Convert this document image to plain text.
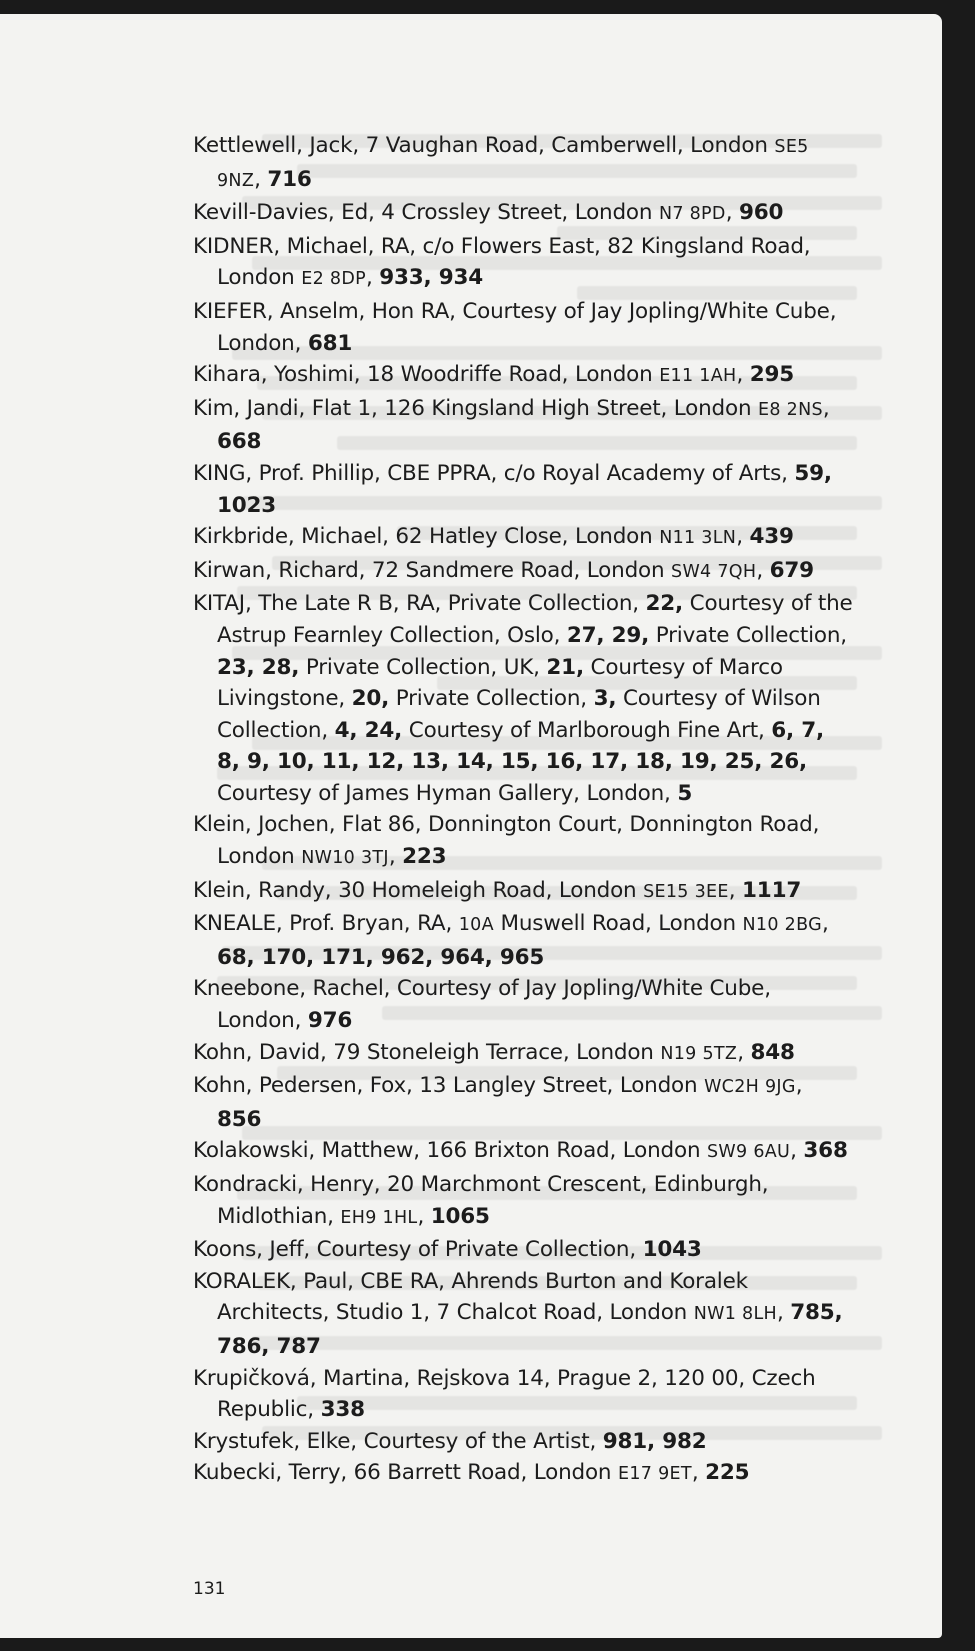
Kettlewell, Jack, 7 Vaughan Road, Camberwell, London SE5 9NZ, 716
Kevill-Davies, Ed, 4 Crossley Street, London N7 8PD, 960
KIDNER, Michael, RA, c/o Flowers East, 82 Kingsland Road, London E2 8DP, 933, 934
KIEFER, Anselm, Hon RA, Courtesy of Jay Jopling/White Cube, London, 681
Kihara, Yoshimi, 18 Woodriffe Road, London E11 1AH, 295
Kim, Jandi, Flat 1, 126 Kingsland High Street, London E8 2NS, 668
KING, Prof. Phillip, CBE PPRA, c/o Royal Academy of Arts, 59, 1023
Kirkbride, Michael, 62 Hatley Close, London N11 3LN, 439
Kirwan, Richard, 72 Sandmere Road, London SW4 7QH, 679
KITAJ, The Late R B, RA, Private Collection, 22, Courtesy of the Astrup Fearnley Collection, Oslo, 27, 29, Private Collection, 23, 28, Private Collection, UK, 21, Courtesy of Marco Livingstone, 20, Private Collection, 3, Courtesy of Wilson Collection, 4, 24, Courtesy of Marlborough Fine Art, 6, 7, 8, 9, 10, 11, 12, 13, 14, 15, 16, 17, 18, 19, 25, 26, Courtesy of James Hyman Gallery, London, 5
Klein, Jochen, Flat 86, Donnington Court, Donnington Road, London NW10 3TJ, 223
Klein, Randy, 30 Homeleigh Road, London SE15 3EE, 1117
KNEALE, Prof. Bryan, RA, 10A Muswell Road, London N10 2BG, 68, 170, 171, 962, 964, 965
Kneebone, Rachel, Courtesy of Jay Jopling/White Cube, London, 976
Kohn, David, 79 Stoneleigh Terrace, London N19 5TZ, 848
Kohn, Pedersen, Fox, 13 Langley Street, London WC2H 9JG, 856
Kolakowski, Matthew, 166 Brixton Road, London SW9 6AU, 368
Kondracki, Henry, 20 Marchmont Crescent, Edinburgh, Midlothian, EH9 1HL, 1065
Koons, Jeff, Courtesy of Private Collection, 1043
KORALEK, Paul, CBE RA, Ahrends Burton and Koralek Architects, Studio 1, 7 Chalcot Road, London NW1 8LH, 785, 786, 787
Krupičková, Martina, Rejskova 14, Prague 2, 120 00, Czech Republic, 338
Krystufek, Elke, Courtesy of the Artist, 981, 982
Kubecki, Terry, 66 Barrett Road, London E17 9ET, 225
131
